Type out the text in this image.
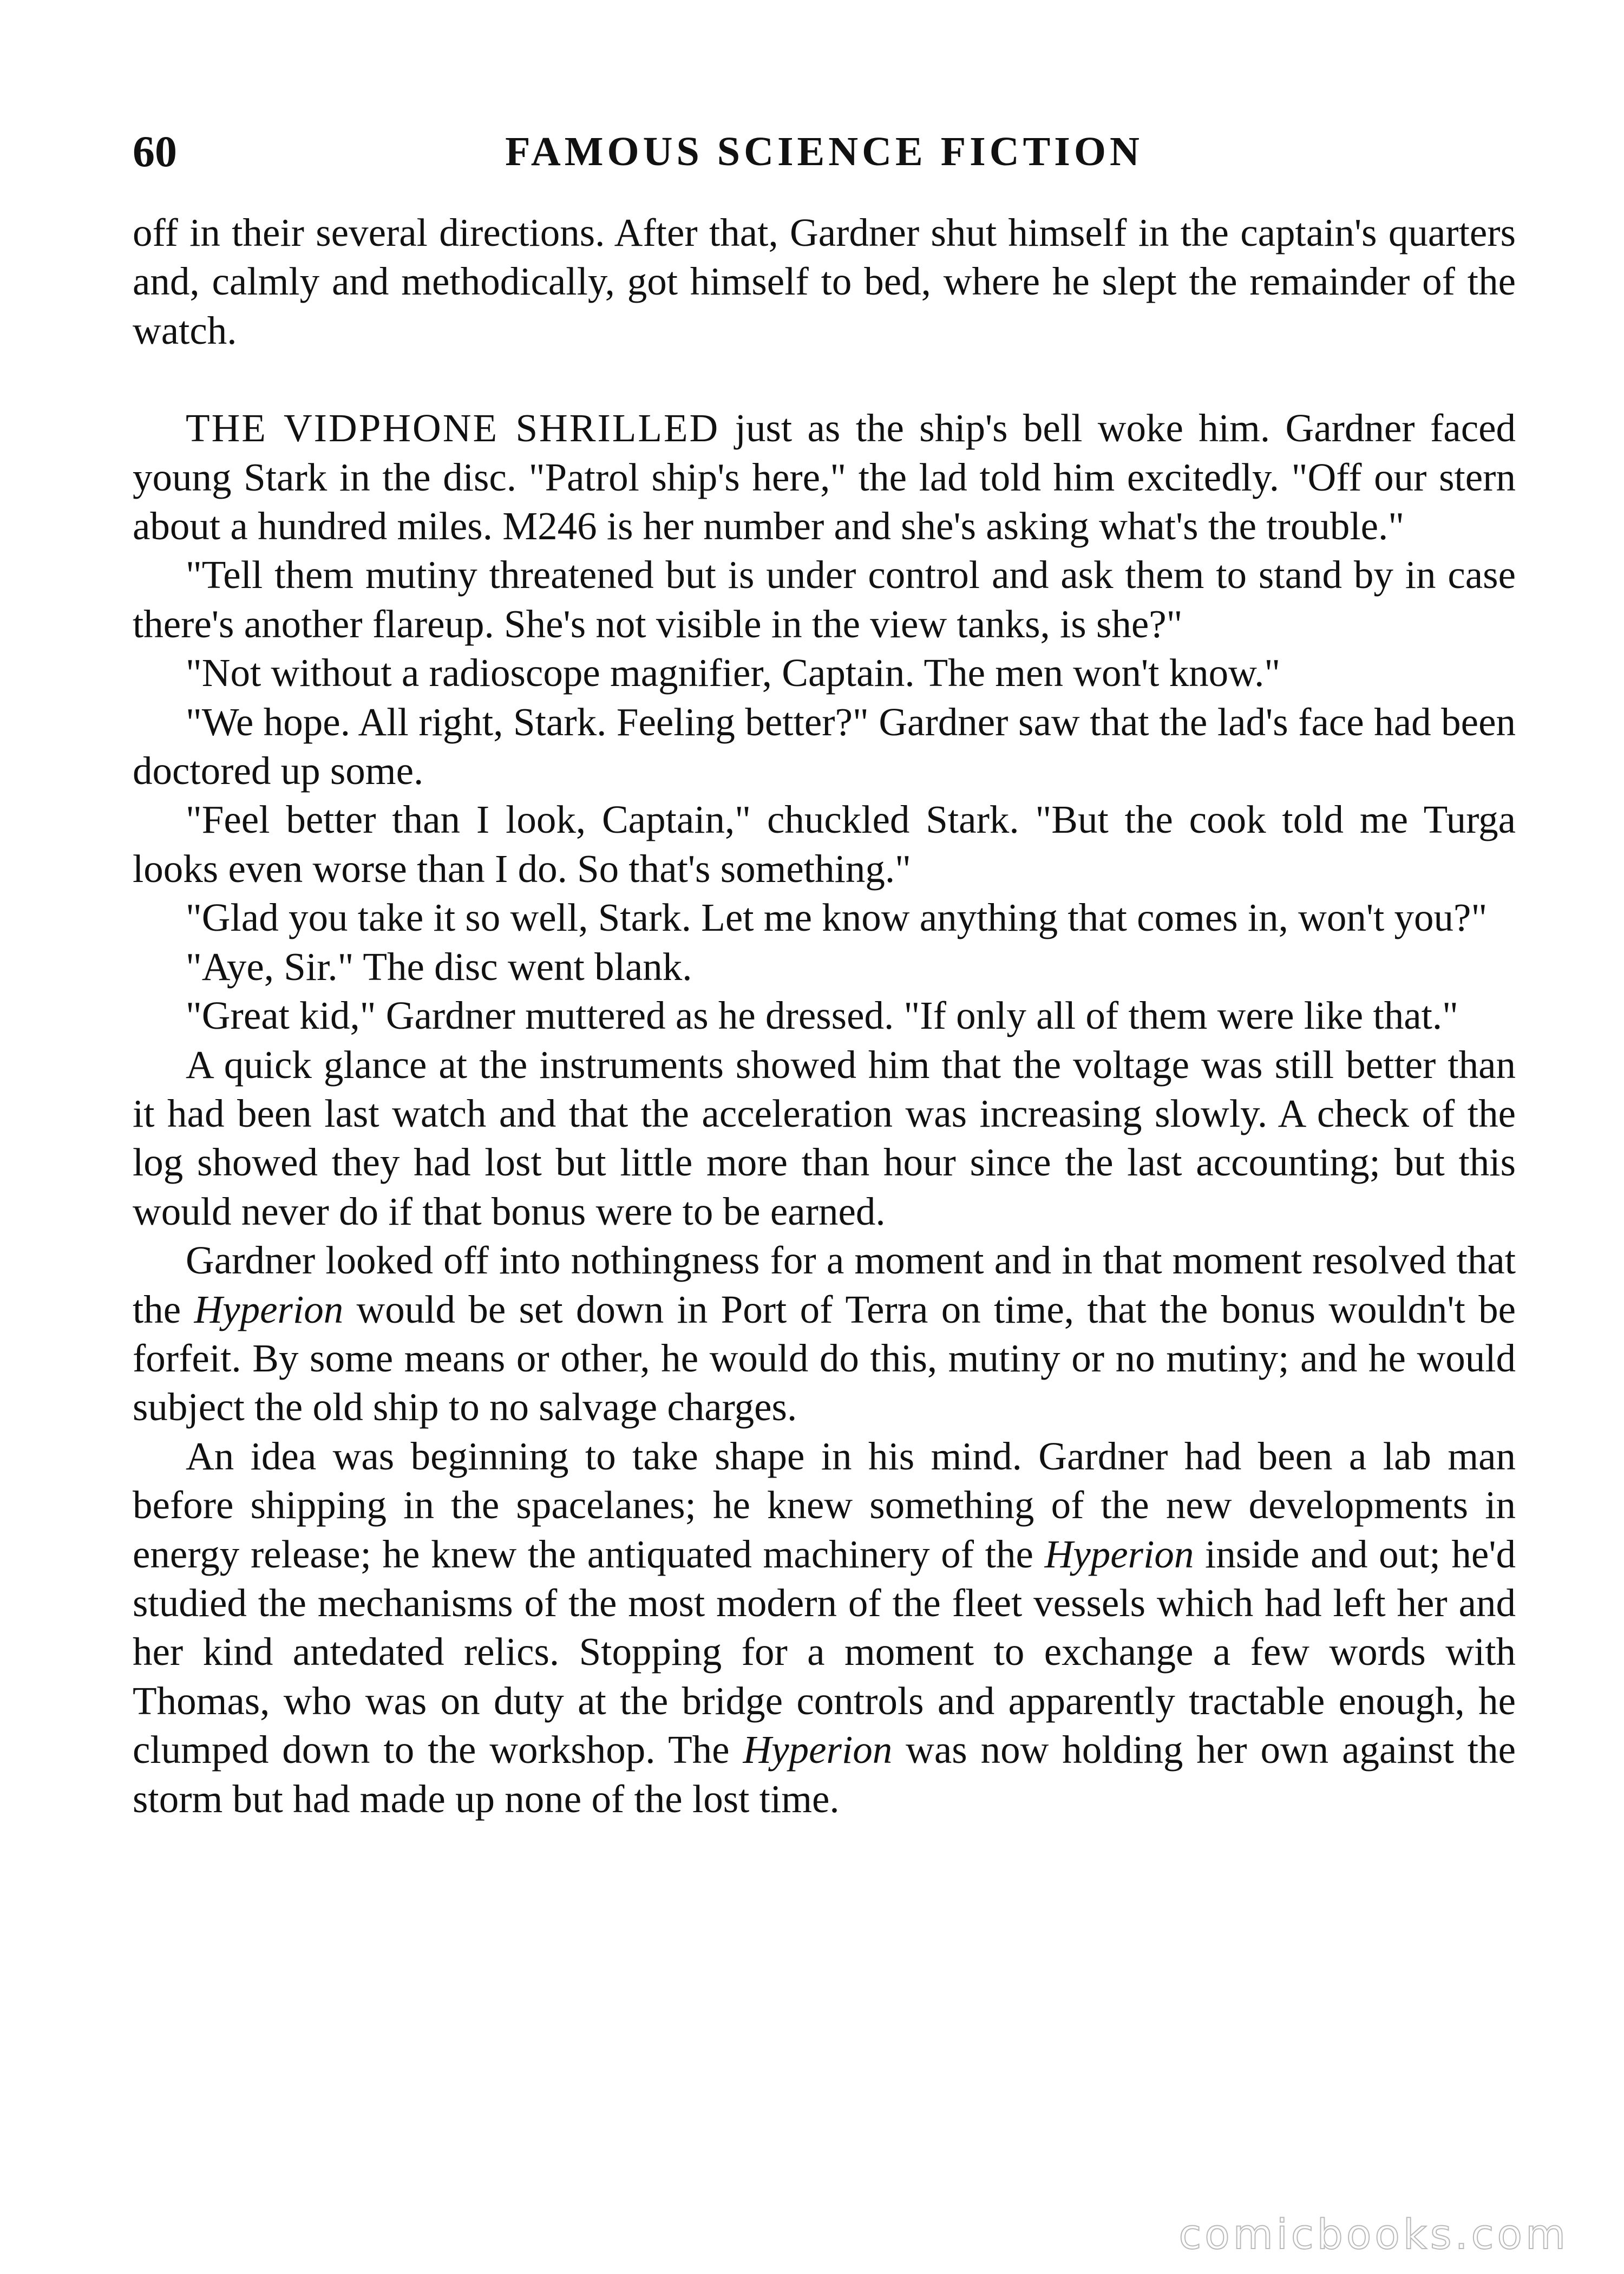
60	FAMOUS SCIENCE FICTION

off in their several directions. After that, Gardner shut himself in the captain's quarters and, calmly and methodically, got himself to bed, where he slept the remainder of the watch.

THE VIDPHONE SHRILLED just as the ship's bell woke him. Gardner faced young Stark in the disc. "Patrol ship's here," the lad told him excitedly. "Off our stern about a hundred miles. M246 is her number and she's asking what's the trouble."

"Tell them mutiny threatened but is under control and ask them to stand by in case there's another flareup. She's not visible in the view tanks, is she?"

"Not without a radioscope magnifier, Captain. The men won't know."

"We hope. All right, Stark. Feeling better?" Gardner saw that the lad's face had been doctored up some.

"Feel better than I look, Captain," chuckled Stark. "But the cook told me Turga looks even worse than I do. So that's something."

"Glad you take it so well, Stark. Let me know anything that comes in, won't you?"

"Aye, Sir." The disc went blank.

"Great kid," Gardner muttered as he dressed. "If only all of them were like that."

A quick glance at the instruments showed him that the voltage was still better than it had been last watch and that the acceleration was increasing slowly. A check of the log showed they had lost but little more than hour since the last accounting; but this would never do if that bonus were to be earned.

Gardner looked off into nothingness for a moment and in that moment resolved that the Hyperion would be set down in Port of Terra on time, that the bonus wouldn't be forfeit. By some means or other, he would do this, mutiny or no mutiny; and he would subject the old ship to no salvage charges.

An idea was beginning to take shape in his mind. Gardner had been a lab man before shipping in the spacelanes; he knew something of the new developments in energy release; he knew the antiquated machinery of the Hyperion inside and out; he'd studied the mechanisms of the most modern of the fleet vessels which had left her and her kind antedated relics. Stopping for a moment to exchange a few words with Thomas, who was on duty at the bridge controls and apparently tractable enough, he clumped down to the workshop. The Hyperion was now holding her own against the storm but had made up none of the lost time.

comicbooks.com
